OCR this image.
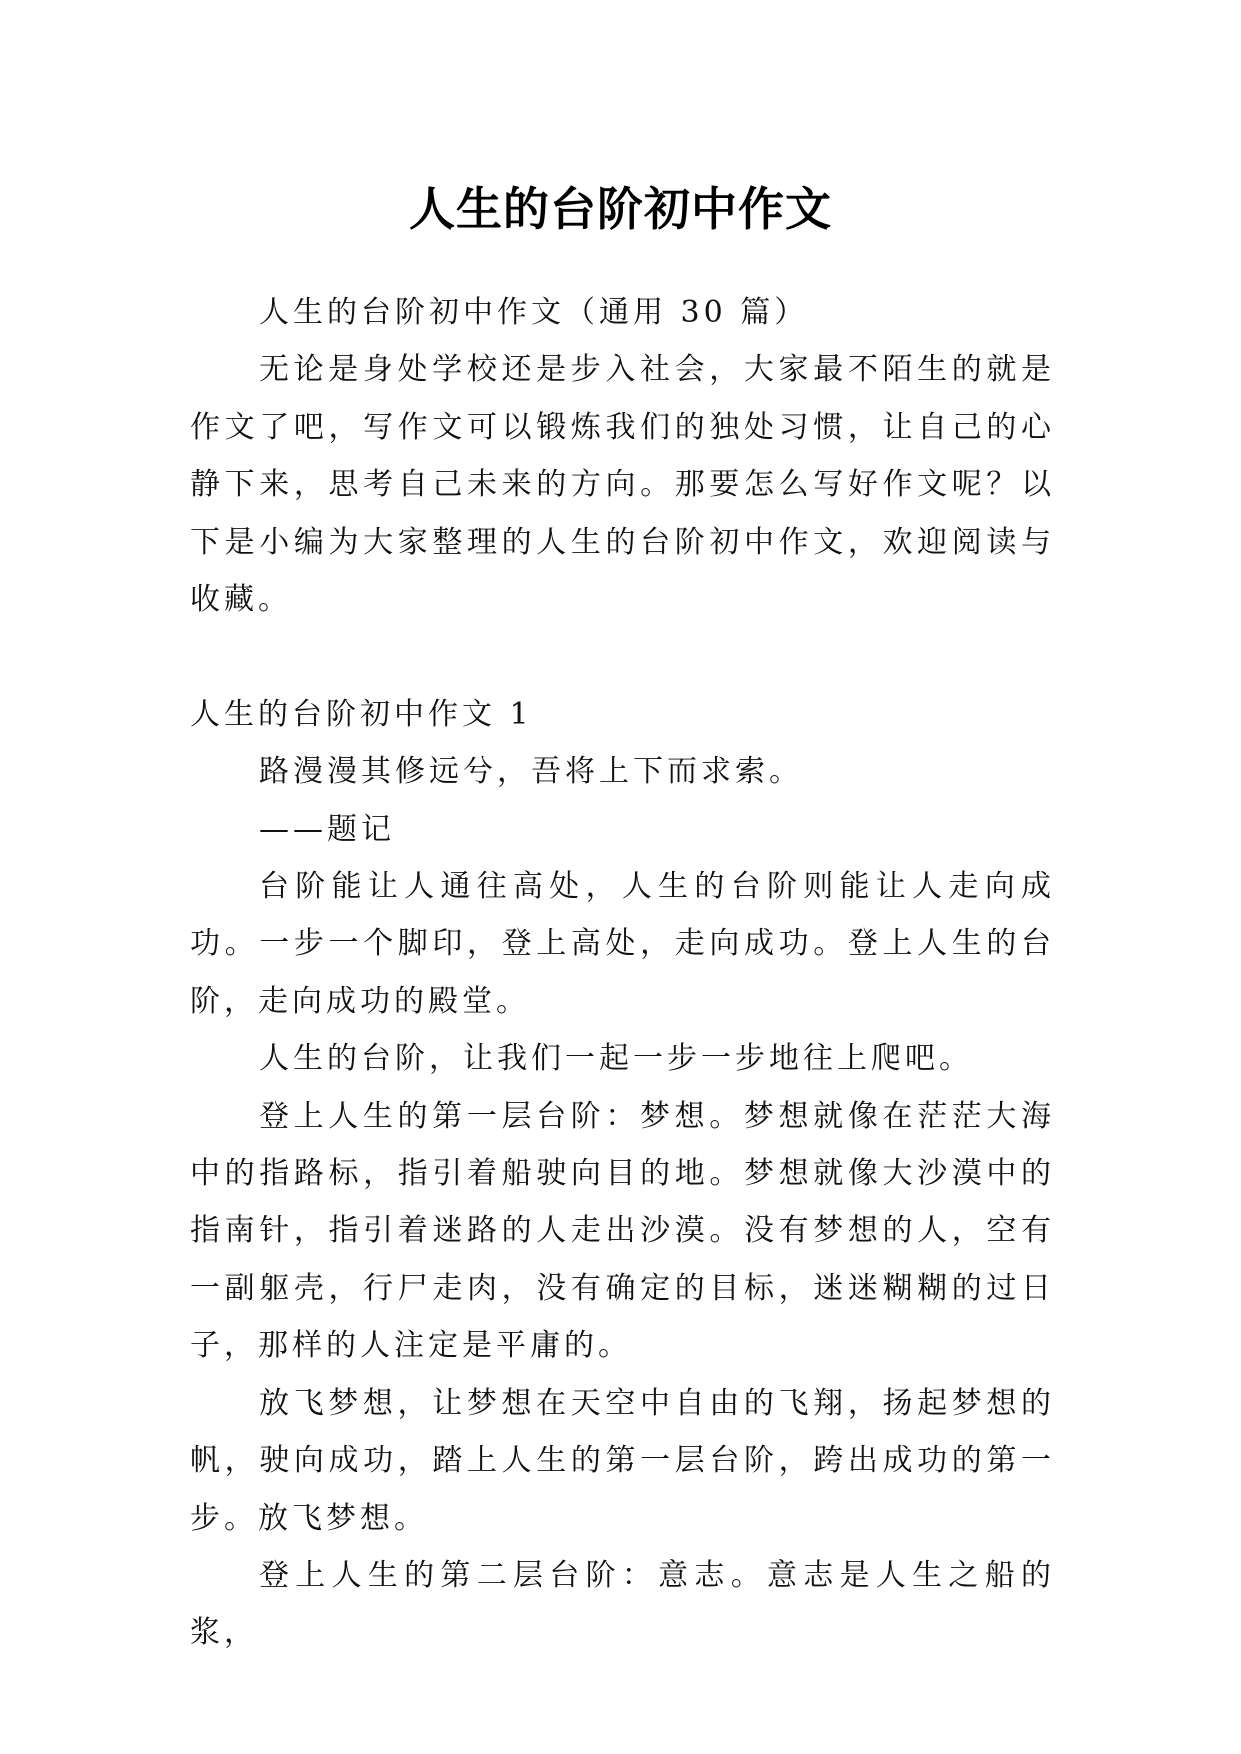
人生的台阶初中作文

人生的台阶初中作文（通用 30 篇）

无论是身处学校还是步入社会，大家最不陌生的就是作文了吧，写作文可以锻炼我们的独处习惯，让自己的心静下来，思考自己未来的方向。那要怎么写好作文呢？以下是小编为大家整理的人生的台阶初中作文，欢迎阅读与收藏。

人生的台阶初中作文 1

路漫漫其修远兮，吾将上下而求索。

——题记

台阶能让人通往高处，人生的台阶则能让人走向成功。一步一个脚印，登上高处，走向成功。登上人生的台阶，走向成功的殿堂。

人生的台阶，让我们一起一步一步地往上爬吧。

登上人生的第一层台阶：梦想。梦想就像在茫茫大海中的指路标，指引着船驶向目的地。梦想就像大沙漠中的指南针，指引着迷路的人走出沙漠。没有梦想的人，空有一副躯壳，行尸走肉，没有确定的目标，迷迷糊糊的过日子，那样的人注定是平庸的。

放飞梦想，让梦想在天空中自由的飞翔，扬起梦想的帆，驶向成功，踏上人生的第一层台阶，跨出成功的第一步。放飞梦想。

登上人生的第二层台阶：意志。意志是人生之船的浆，
